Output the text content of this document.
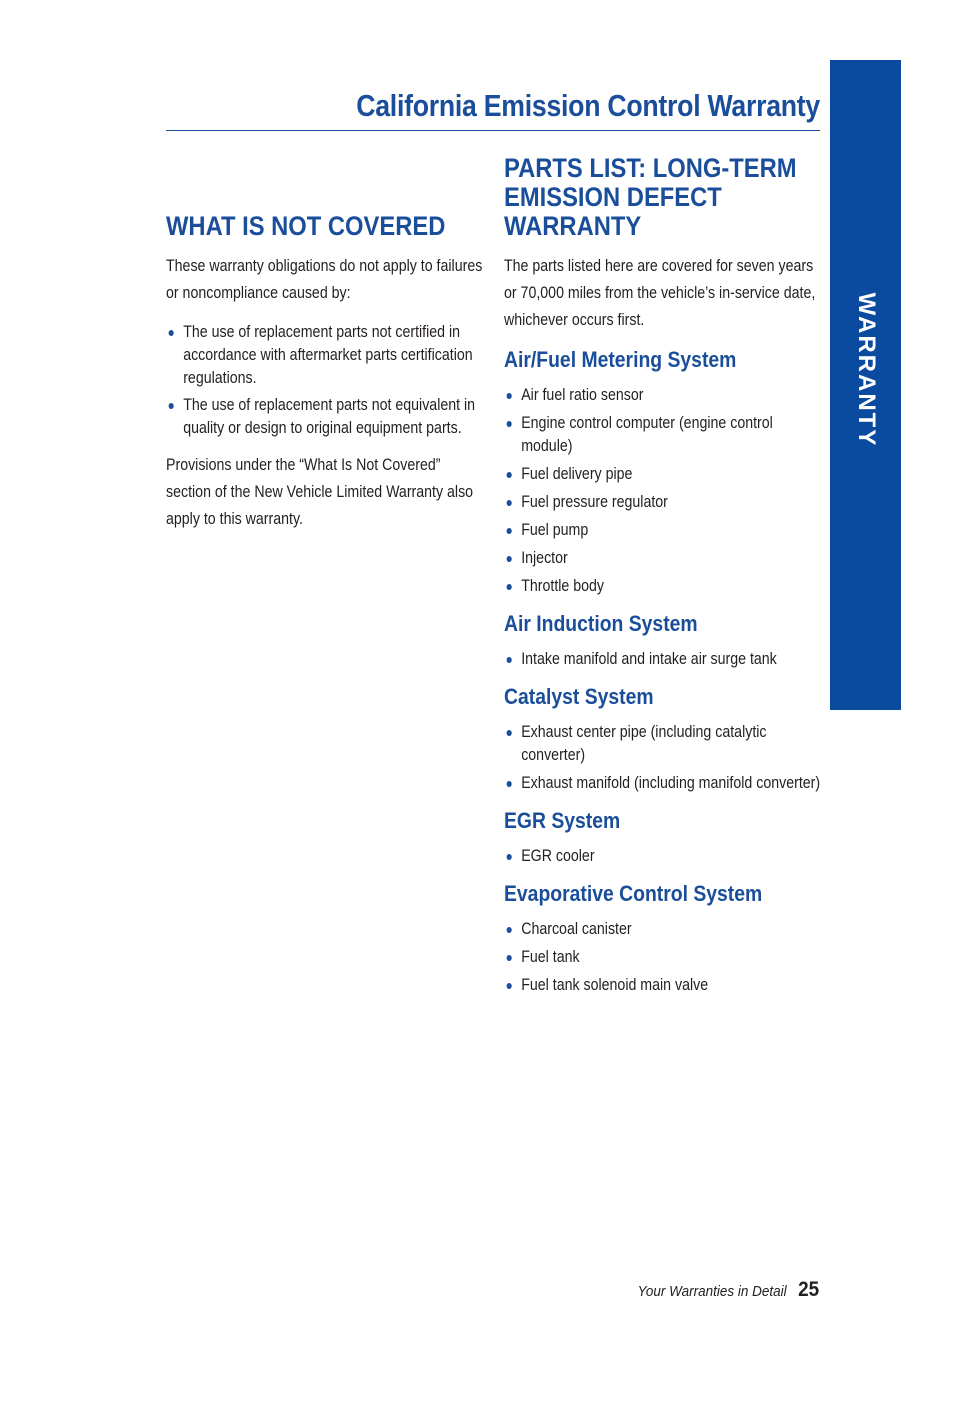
California Emission Control Warranty
WARRANTY
WHAT IS NOT COVERED

These warranty obligations do not apply to failures or noncompliance caused by:

The use of replacement parts not certified in accordance with aftermarket parts certification regulations.
The use of replacement parts not equivalent in quality or design to original equipment parts.

Provisions under the “What Is Not Covered” section of the New Vehicle Limited Warranty also apply to this warranty.

PARTS LIST: LONG-TERM
EMISSION DEFECT
WARRANTY

The parts listed here are covered for seven years or 70,000 miles from the vehicle’s in-service date, whichever occurs first.

Air/Fuel Metering System
Air fuel ratio sensor
Engine control computer (engine control module)
Fuel delivery pipe
Fuel pressure regulator
Fuel pump
Injector
Throttle body
Air Induction System
Intake manifold and intake air surge tank
Catalyst System
Exhaust center pipe (including catalytic converter)
Exhaust manifold (including manifold converter)
EGR System
EGR cooler
Evaporative Control System
Charcoal canister
Fuel tank
Fuel tank solenoid main valve
Your Warranties in Detail 25
